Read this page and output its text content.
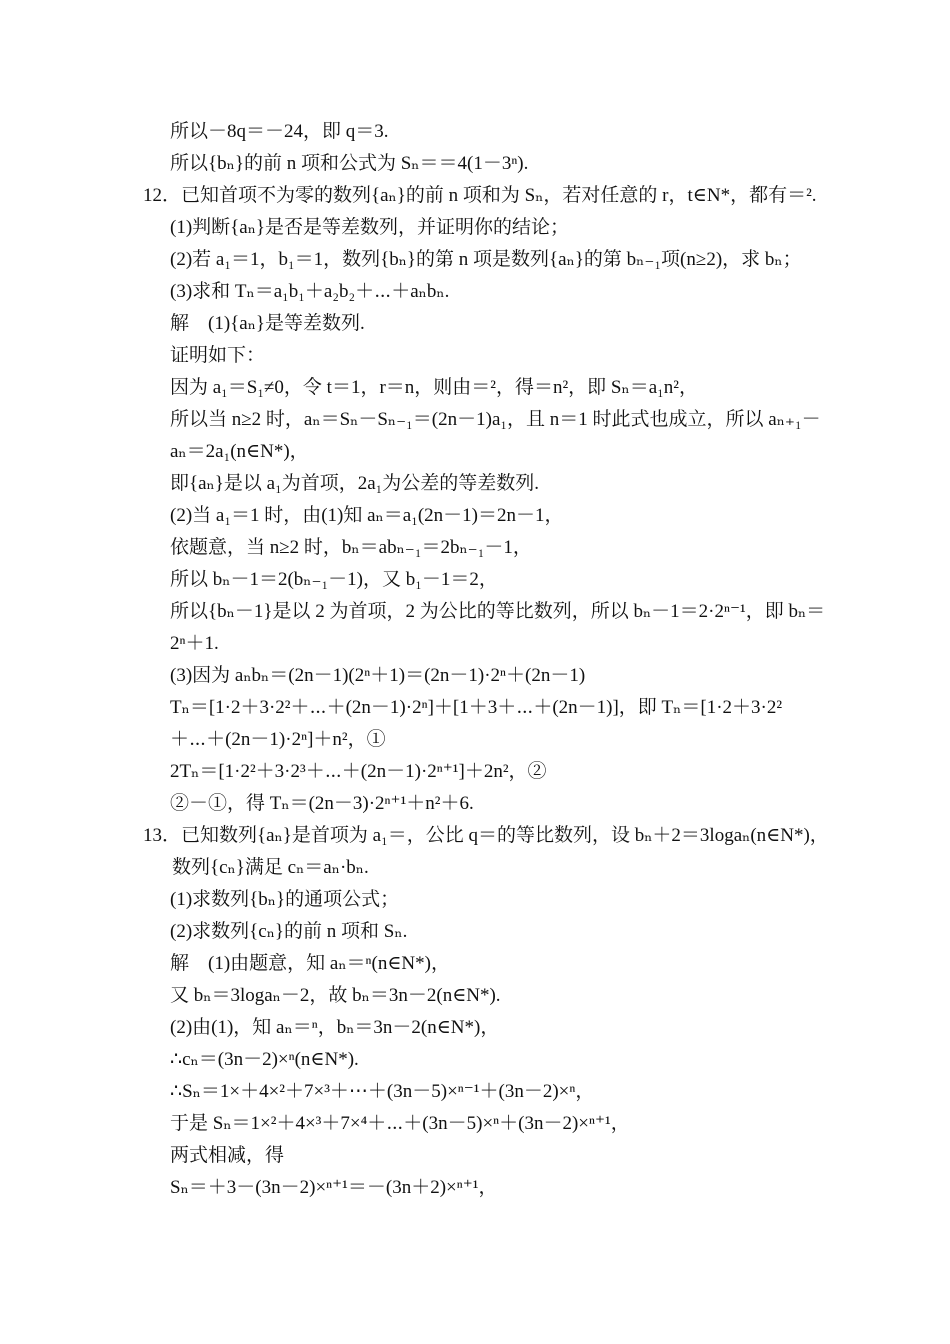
所以－8q＝－24，即 q＝3.
所以{bₙ}的前 n 项和公式为 Sₙ＝＝4(1－3ⁿ).
12．已知首项不为零的数列{aₙ}的前 n 项和为 Sₙ，若对任意的 r，t∈N*，都有＝².
(1)判断{aₙ}是否是等差数列，并证明你的结论；
(2)若 a₁＝1，b₁＝1，数列{bₙ}的第 n 项是数列{aₙ}的第 bₙ₋₁项(n≥2)，求 bₙ；
(3)求和 Tₙ＝a₁b₁＋a₂b₂＋⋯＋aₙbₙ.
解　(1){aₙ}是等差数列.
证明如下：
因为 a₁＝S₁≠0，令 t＝1，r＝n，则由＝²，得＝n²，即 Sₙ＝a₁n²，
所以当 n≥2 时，aₙ＝Sₙ－Sₙ₋₁＝(2n－1)a₁，且 n＝1 时此式也成立，所以 aₙ₊₁－
aₙ＝2a₁(n∈N*)，
即{aₙ}是以 a₁为首项，2a₁为公差的等差数列.
(2)当 a₁＝1 时，由(1)知 aₙ＝a₁(2n－1)＝2n－1，
依题意，当 n≥2 时，bₙ＝abₙ₋₁＝2bₙ₋₁－1，
所以 bₙ－1＝2(bₙ₋₁－1)，又 b₁－1＝2，
所以{bₙ－1}是以 2 为首项，2 为公比的等比数列，所以 bₙ－1＝2·2ⁿ⁻¹，即 bₙ＝
2ⁿ＋1.
(3)因为 aₙbₙ＝(2n－1)(2ⁿ＋1)＝(2n－1)·2ⁿ＋(2n－1)
Tₙ＝[1·2＋3·2²＋⋯＋(2n－1)·2ⁿ]＋[1＋3＋⋯＋(2n－1)]，即 Tₙ＝[1·2＋3·2²
＋⋯＋(2n－1)·2ⁿ]＋n²，①
2Tₙ＝[1·2²＋3·2³＋⋯＋(2n－1)·2ⁿ⁺¹]＋2n²，②
②－①，得 Tₙ＝(2n－3)·2ⁿ⁺¹＋n²＋6.
13．已知数列{aₙ}是首项为 a₁＝，公比 q＝的等比数列，设 bₙ＋2＝3logaₙ(n∈N*)，
数列{cₙ}满足 cₙ＝aₙ·bₙ.
(1)求数列{bₙ}的通项公式；
(2)求数列{cₙ}的前 n 项和 Sₙ.
解　(1)由题意，知 aₙ＝ⁿ(n∈N*)，
又 bₙ＝3logaₙ－2，故 bₙ＝3n－2(n∈N*).
(2)由(1)，知 aₙ＝ⁿ，bₙ＝3n－2(n∈N*)，
∴cₙ＝(3n－2)×ⁿ(n∈N*).
∴Sₙ＝1×＋4×²＋7×³＋⋯＋(3n－5)×ⁿ⁻¹＋(3n－2)×ⁿ，
于是 Sₙ＝1×²＋4×³＋7×⁴＋⋯＋(3n－5)×ⁿ＋(3n－2)×ⁿ⁺¹，
两式相减，得
Sₙ＝＋3－(3n－2)×ⁿ⁺¹＝－(3n＋2)×ⁿ⁺¹，
